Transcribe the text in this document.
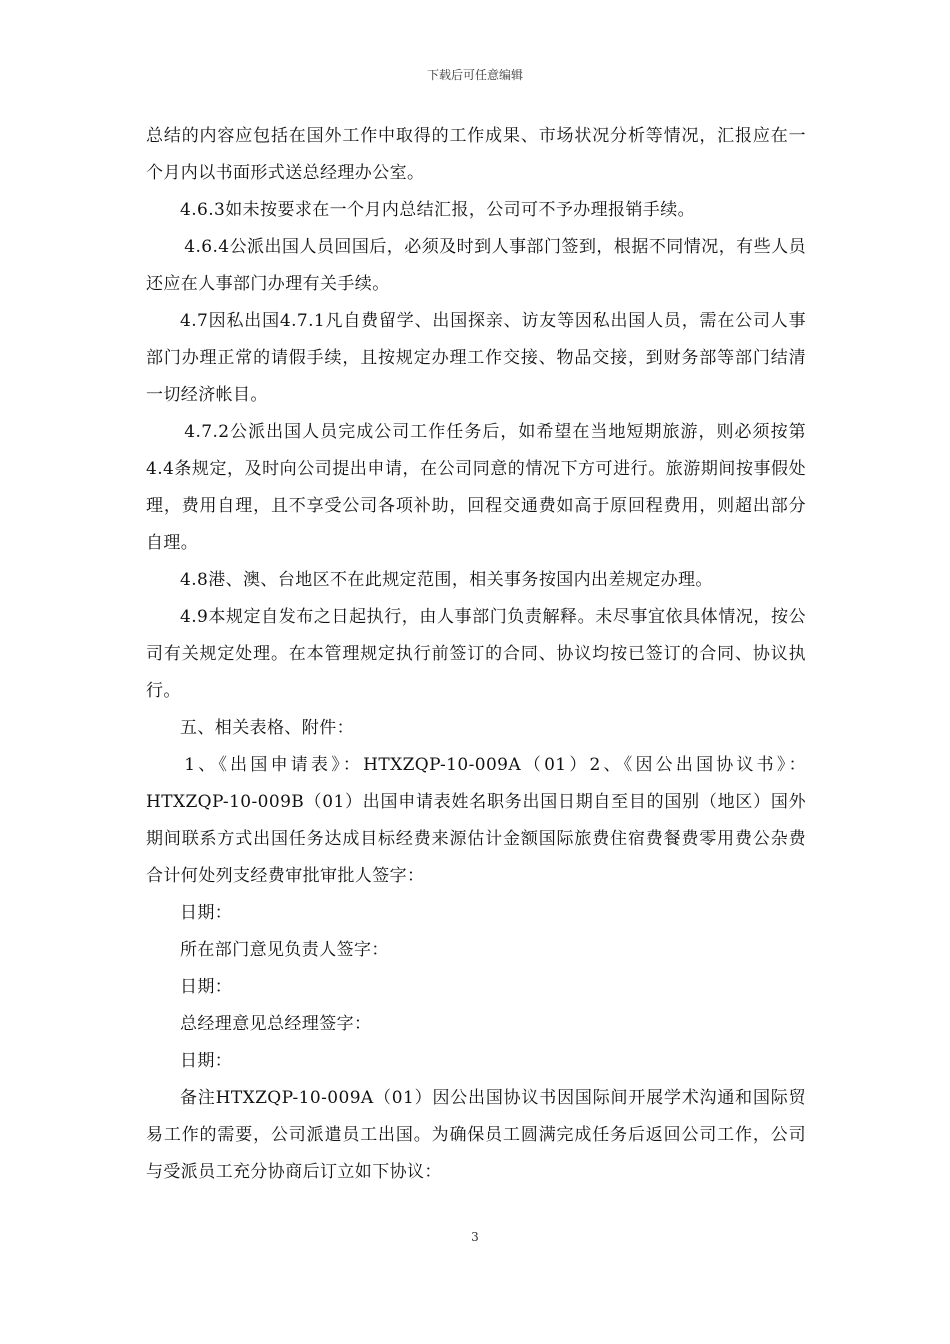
下载后可任意编辑

总结的内容应包括在国外工作中取得的工作成果、市场状况分析等情况，汇报应在一个月内以书面形式送总经理办公室。

4.6.3如未按要求在一个月内总结汇报，公司可不予办理报销手续。

4.6.4公派出国人员回国后，必须及时到人事部门签到，根据不同情况，有些人员还应在人事部门办理有关手续。

4.7因私出国4.7.1凡自费留学、出国探亲、访友等因私出国人员，需在公司人事部门办理正常的请假手续，且按规定办理工作交接、物品交接，到财务部等部门结清一切经济帐目。

4.7.2公派出国人员完成公司工作任务后，如希望在当地短期旅游，则必须按第4.4条规定，及时向公司提出申请，在公司同意的情况下方可进行。旅游期间按事假处理，费用自理，且不享受公司各项补助，回程交通费如高于原回程费用，则超出部分自理。

4.8港、澳、台地区不在此规定范围，相关事务按国内出差规定办理。

4.9本规定自发布之日起执行，由人事部门负责解释。未尽事宜依具体情况，按公司有关规定处理。在本管理规定执行前签订的合同、协议均按已签订的合同、协议执行。

五、相关表格、附件：

1、《出国申请表》：HTXZQP-10-009A（01）2、《因公出国协议书》：HTXZQP-10-009B（01）出国申请表姓名职务出国日期自至目的国别（地区）国外期间联系方式出国任务达成目标经费来源估计金额国际旅费住宿费餐费零用费公杂费合计何处列支经费审批审批人签字：

日期：

所在部门意见负责人签字：

日期：

总经理意见总经理签字：

日期：

备注HTXZQP-10-009A（01）因公出国协议书因国际间开展学术沟通和国际贸易工作的需要，公司派遣员工出国。为确保员工圆满完成任务后返回公司工作，公司与受派员工充分协商后订立如下协议：

3
